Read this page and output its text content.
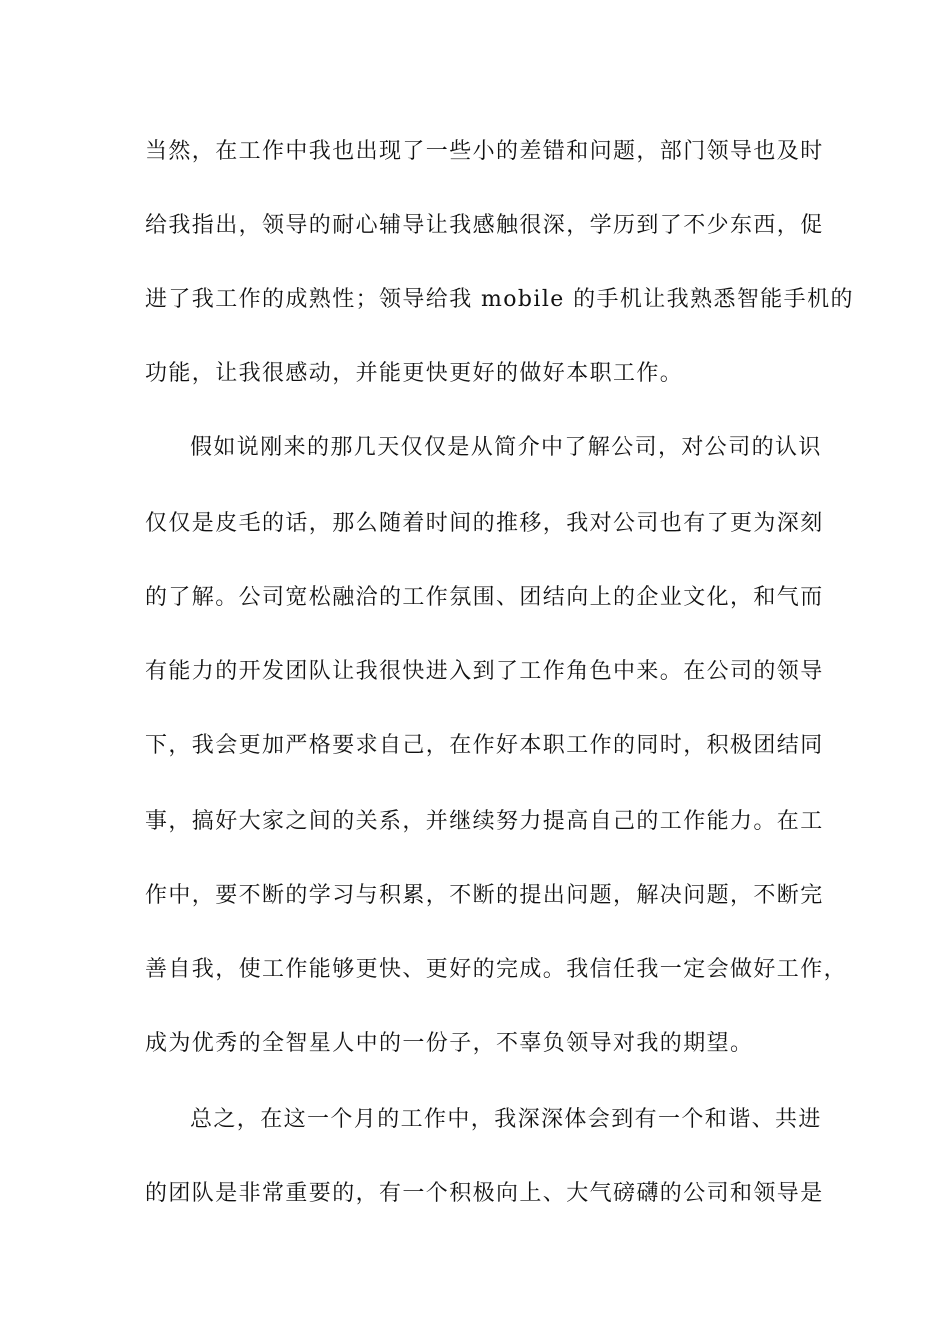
当然，在工作中我也出现了一些小的差错和问题，部门领导也及时
给我指出，领导的耐心辅导让我感触很深，学历到了不少东西，促
进了我工作的成熟性；领导给我 mobile 的手机让我熟悉智能手机的
功能，让我很感动，并能更快更好的做好本职工作。
假如说刚来的那几天仅仅是从简介中了解公司，对公司的认识
仅仅是皮毛的话，那么随着时间的推移，我对公司也有了更为深刻
的了解。公司宽松融洽的工作氛围、团结向上的企业文化，和气而
有能力的开发团队让我很快进入到了工作角色中来。在公司的领导
下，我会更加严格要求自己，在作好本职工作的同时，积极团结同
事，搞好大家之间的关系，并继续努力提高自己的工作能力。在工
作中，要不断的学习与积累，不断的提出问题，解决问题，不断完
善自我，使工作能够更快、更好的完成。我信任我一定会做好工作，
成为优秀的全智星人中的一份子，不辜负领导对我的期望。
总之，在这一个月的工作中，我深深体会到有一个和谐、共进
的团队是非常重要的，有一个积极向上、大气磅礴的公司和领导是
